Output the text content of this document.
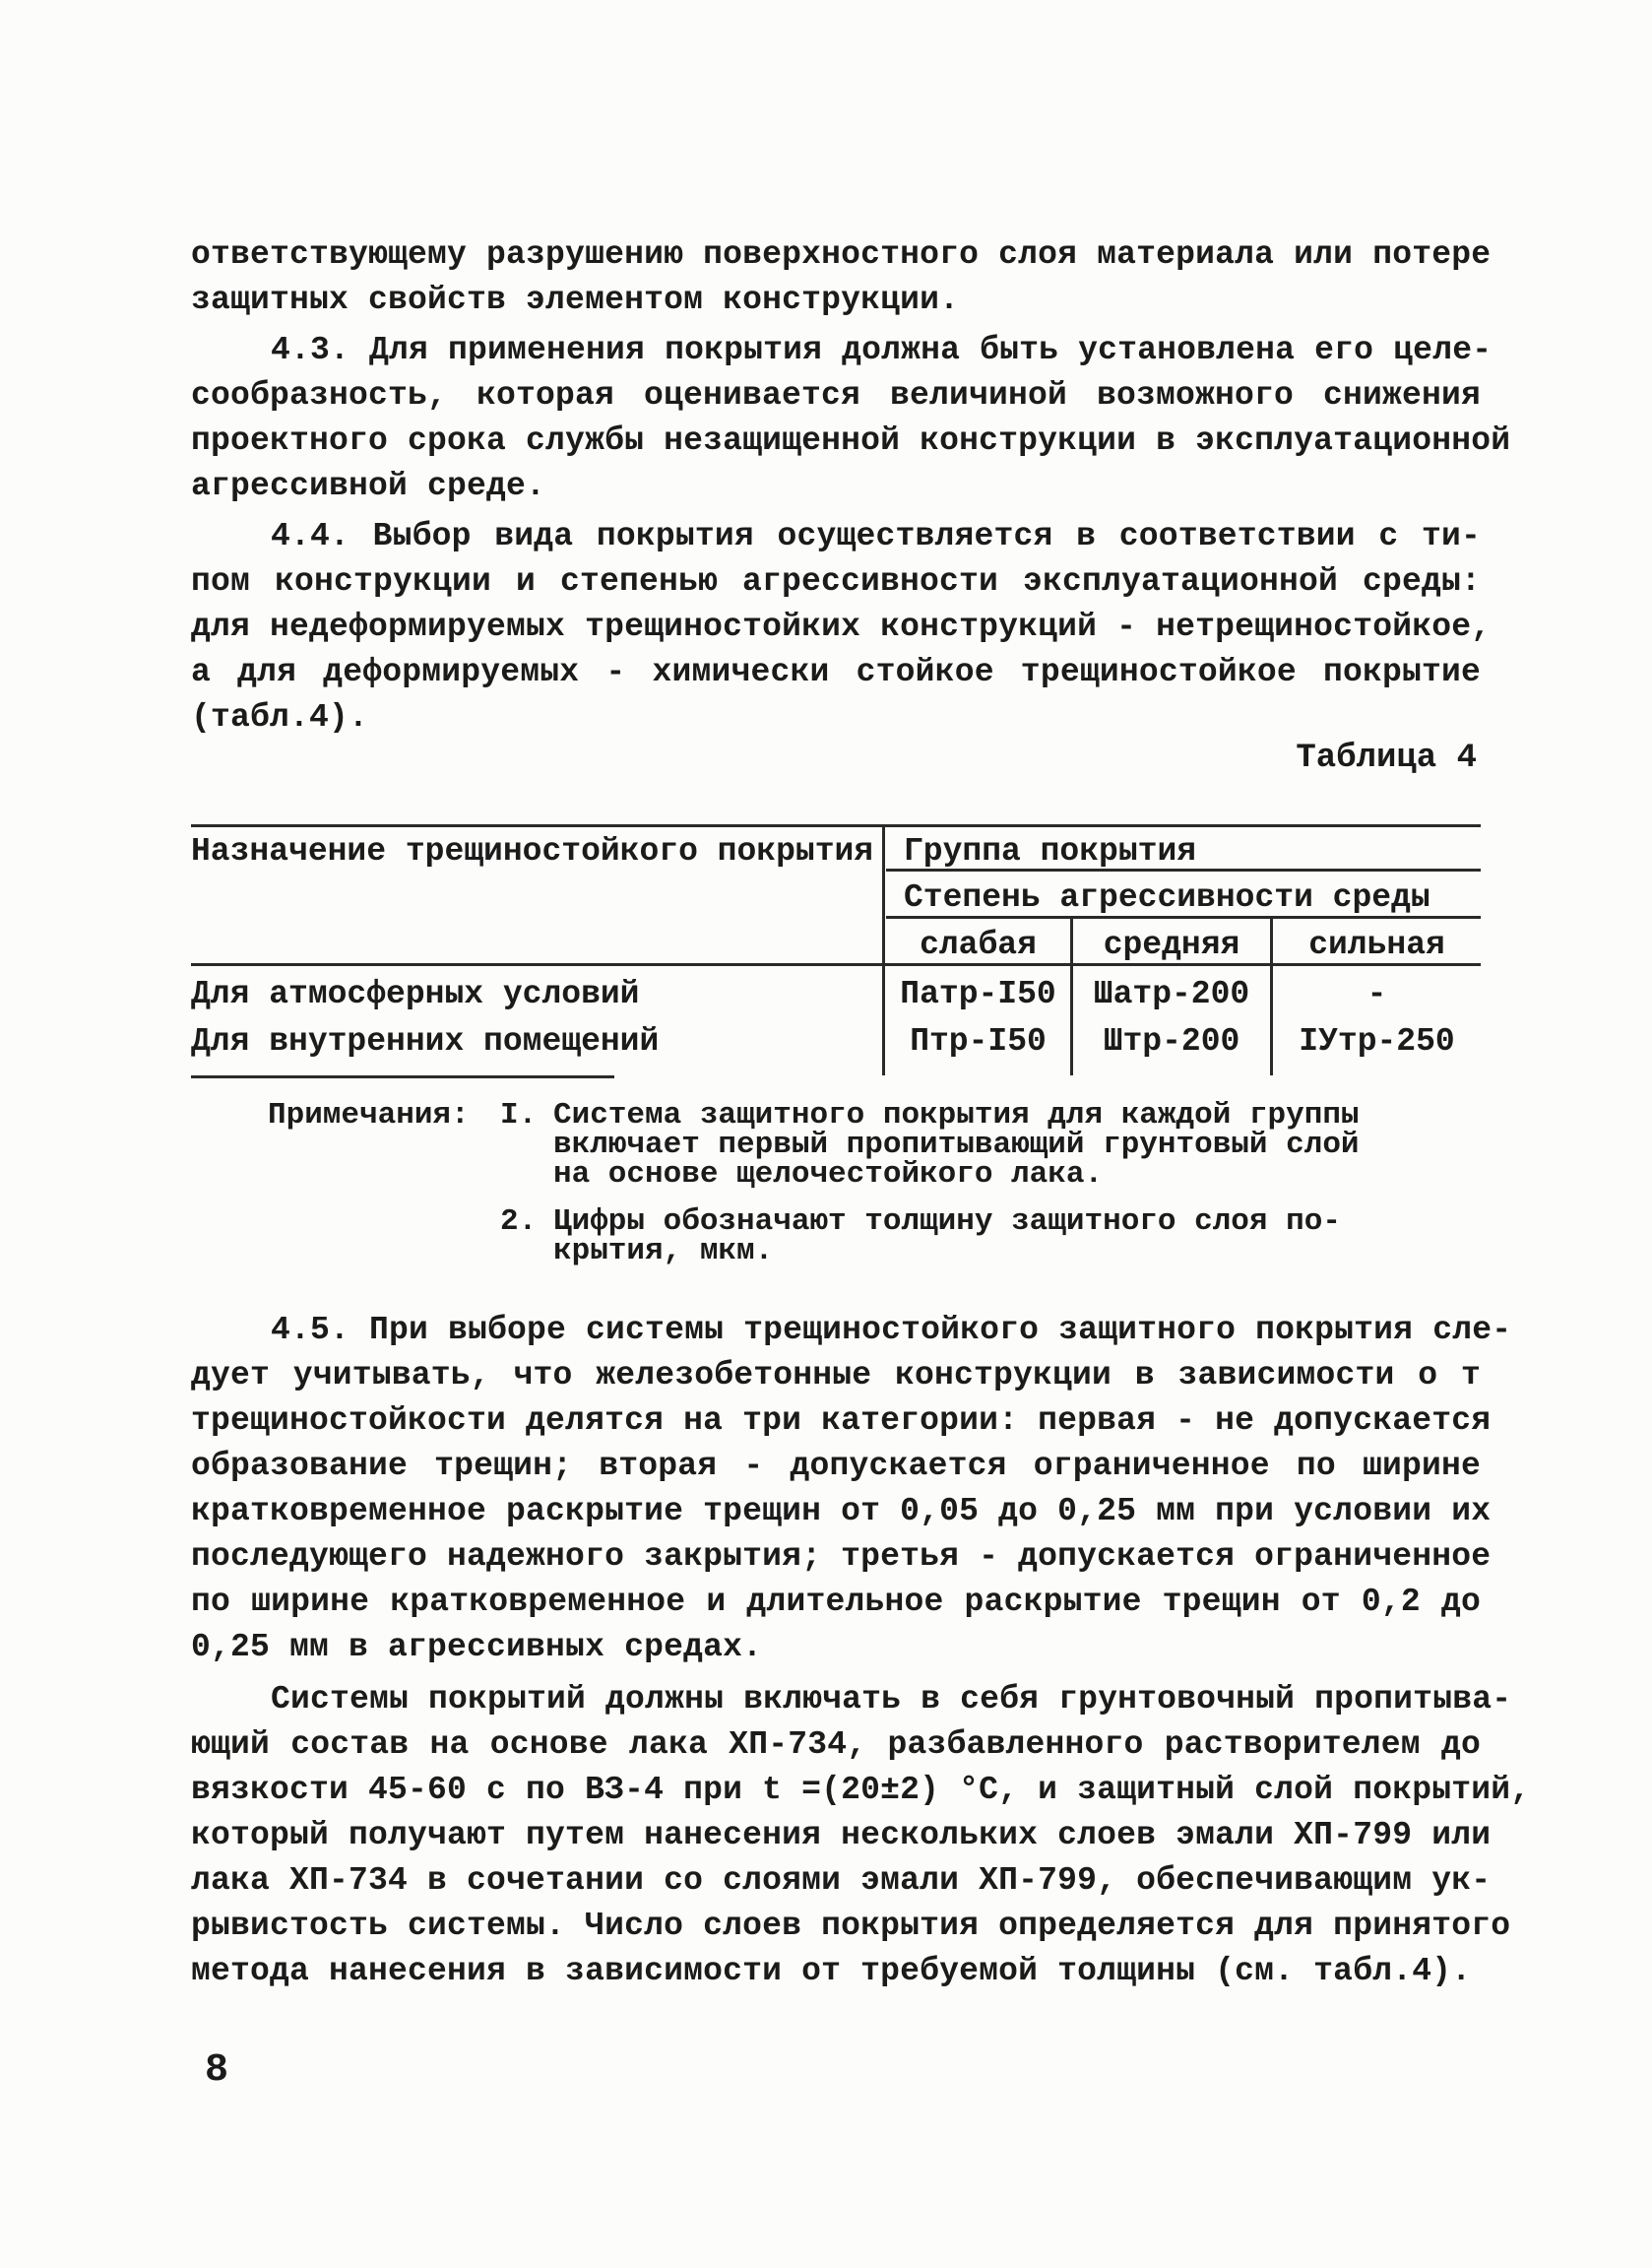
ответствующему разрушению поверхностного слоя материала или потере
защитных свойств элементом конструкции.
4.3. Для применения покрытия должна быть установлена его целе-
сообразность, которая оценивается величиной возможного снижения
проектного срока службы незащищенной конструкции в эксплуатационной
агрессивной среде.
4.4. Выбор вида покрытия осуществляется в соответствии с ти-
пом конструкции и степенью агрессивности эксплуатационной среды:
для недеформируемых трещиностойких конструкций - нетрещиностойкое,
а для деформируемых - химически стойкое трещиностойкое покрытие
(табл.4).
Таблица 4
Назначение трещиностойкого покрытия Группа покрытия
Степень агрессивности среды
слабая	средняя	сильная
Для атмосферных условий	Патр-I50	Шатр-200	-
Для внутренних помещений	Птр-I50	Штр-200	IУтр-250
Примечания: I. Система защитного покрытия для каждой группы
включает первый пропитывающий грунтовый слой
на основе щелочестойкого лака.
2. Цифры обозначают толщину защитного слоя по-
крытия, мкм.
4.5. При выборе системы трещиностойкого защитного покрытия сле-
дует учитывать, что железобетонные конструкции в зависимости о т
трещиностойкости делятся на три категории: первая - не допускается
образование трещин; вторая - допускается ограниченное по ширине
кратковременное раскрытие трещин от 0,05 до 0,25 мм при условии их
последующего надежного закрытия; третья - допускается ограниченное
по ширине кратковременное и длительное раскрытие трещин от 0,2 до
0,25 мм в агрессивных средах.
Системы покрытий должны включать в себя грунтовочный пропитыва-
ющий состав на основе лака ХП-734, разбавленного растворителем до
вязкости 45-60 с по ВЗ-4 при t =(20±2) °С, и защитный слой покрытий,
который получают путем нанесения нескольких слоев эмали ХП-799 или
лака ХП-734 в сочетании со слоями эмали ХП-799, обеспечивающим ук-
рывистость системы. Число слоев покрытия определяется для принятого
метода нанесения в зависимости от требуемой толщины (см. табл.4).
8
